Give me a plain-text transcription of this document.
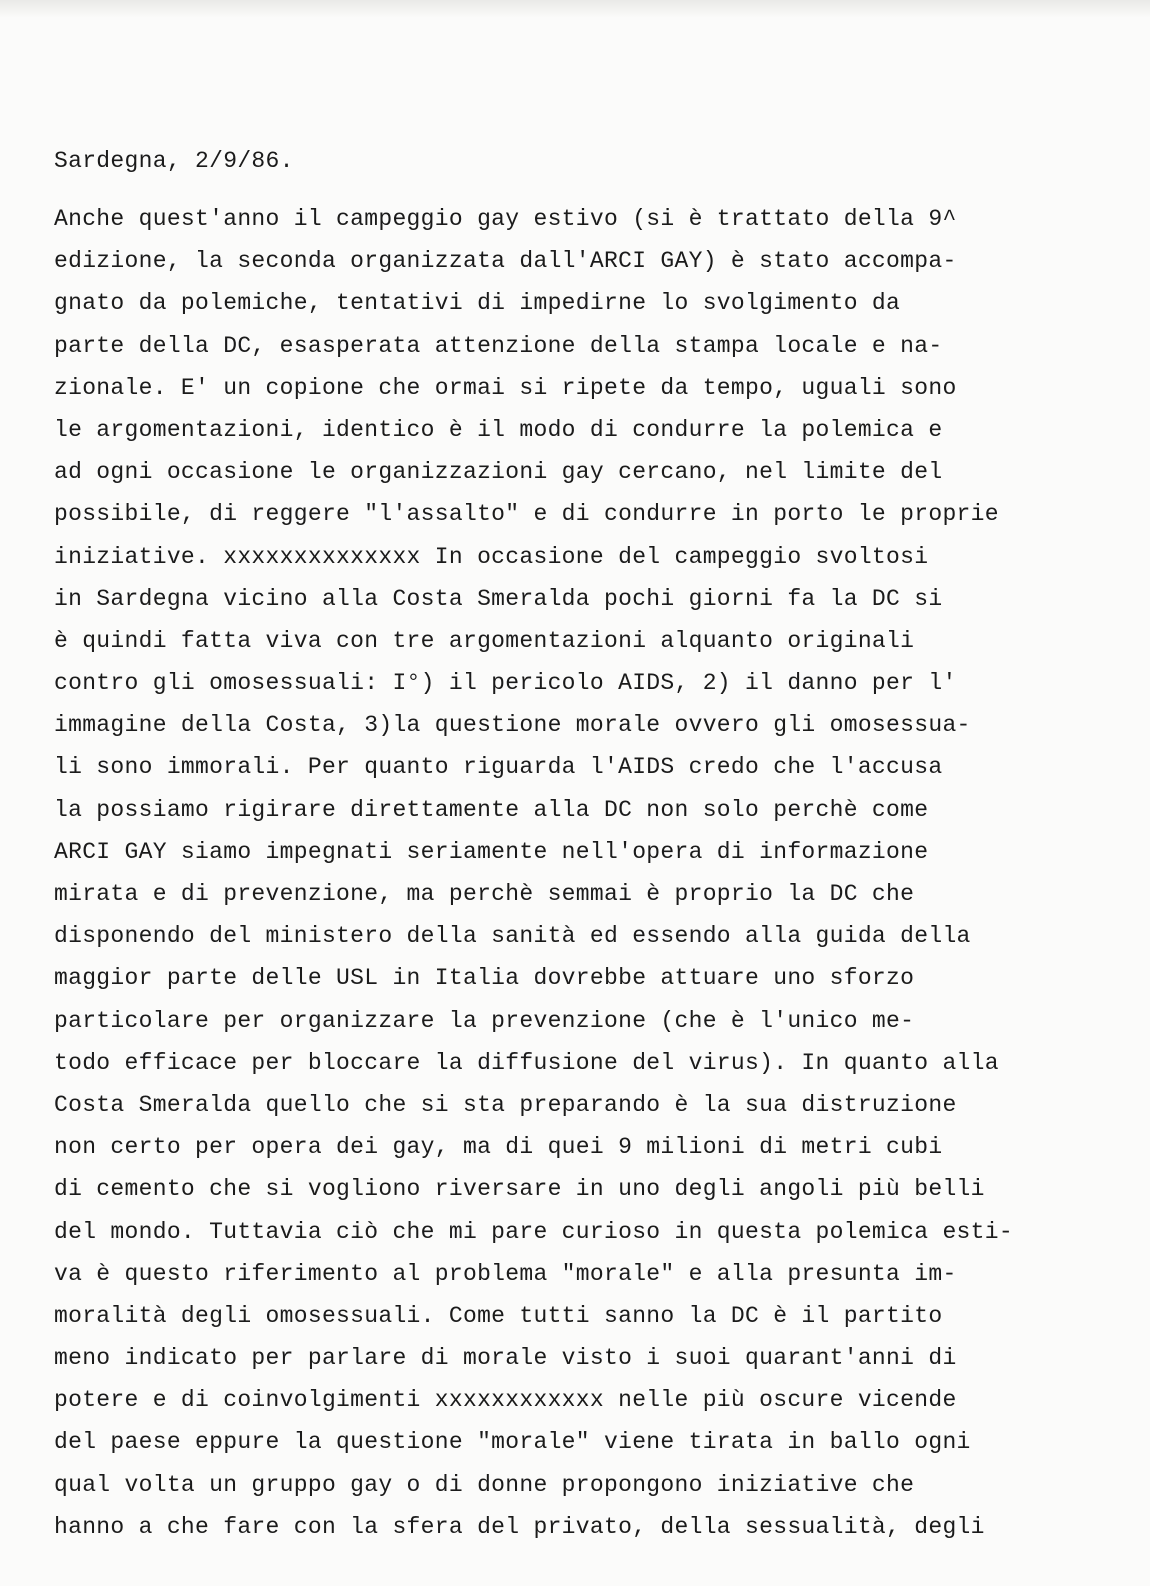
Sardegna, 2/9/86.
Anche quest'anno il campeggio gay estivo (si è trattato della 9^
edizione, la seconda organizzata dall'ARCI GAY) è stato accompa-
gnato da polemiche, tentativi di impedirne lo svolgimento da
parte della DC, esasperata attenzione della stampa locale e na-
zionale. E' un copione che ormai si ripete da tempo, uguali sono
le argomentazioni, identico è il modo di condurre la polemica e
ad ogni occasione le organizzazioni gay cercano, nel limite del
possibile, di reggere "l'assalto" e di condurre in porto le proprie
iniziative. xxxxxxxxxxxxxx In occasione del campeggio svoltosi
in Sardegna vicino alla Costa Smeralda pochi giorni fa la DC si
è quindi fatta viva con tre argomentazioni alquanto originali
contro gli omosessuali: I°) il pericolo AIDS, 2) il danno per l'
immagine della Costa, 3)la questione morale ovvero gli omosessua-
li sono immorali. Per quanto riguarda l'AIDS credo che l'accusa
la possiamo rigirare direttamente alla DC non solo perchè come
ARCI GAY siamo impegnati seriamente nell'opera di informazione
mirata e di prevenzione, ma perchè semmai è proprio la DC che
disponendo del ministero della sanità ed essendo alla guida della
maggior parte delle USL in Italia dovrebbe attuare uno sforzo
particolare per organizzare la prevenzione (che è l'unico me-
todo efficace per bloccare la diffusione del virus). In quanto alla
Costa Smeralda quello che si sta preparando è la sua distruzione
non certo per opera dei gay, ma di quei 9 milioni di metri cubi
di cemento che si vogliono riversare in uno degli angoli più belli
del mondo. Tuttavia ciò che mi pare curioso in questa polemica esti-
va è questo riferimento al problema "morale" e alla presunta im-
moralità degli omosessuali. Come tutti sanno la DC è il partito
meno indicato per parlare di morale visto i suoi quarant'anni di
potere e di coinvolgimenti xxxxxxxxxxxx nelle più oscure vicende
del paese eppure la questione "morale" viene tirata in ballo ogni
qual volta un gruppo gay o di donne propongono iniziative che
hanno a che fare con la sfera del privato, della sessualità, degli
